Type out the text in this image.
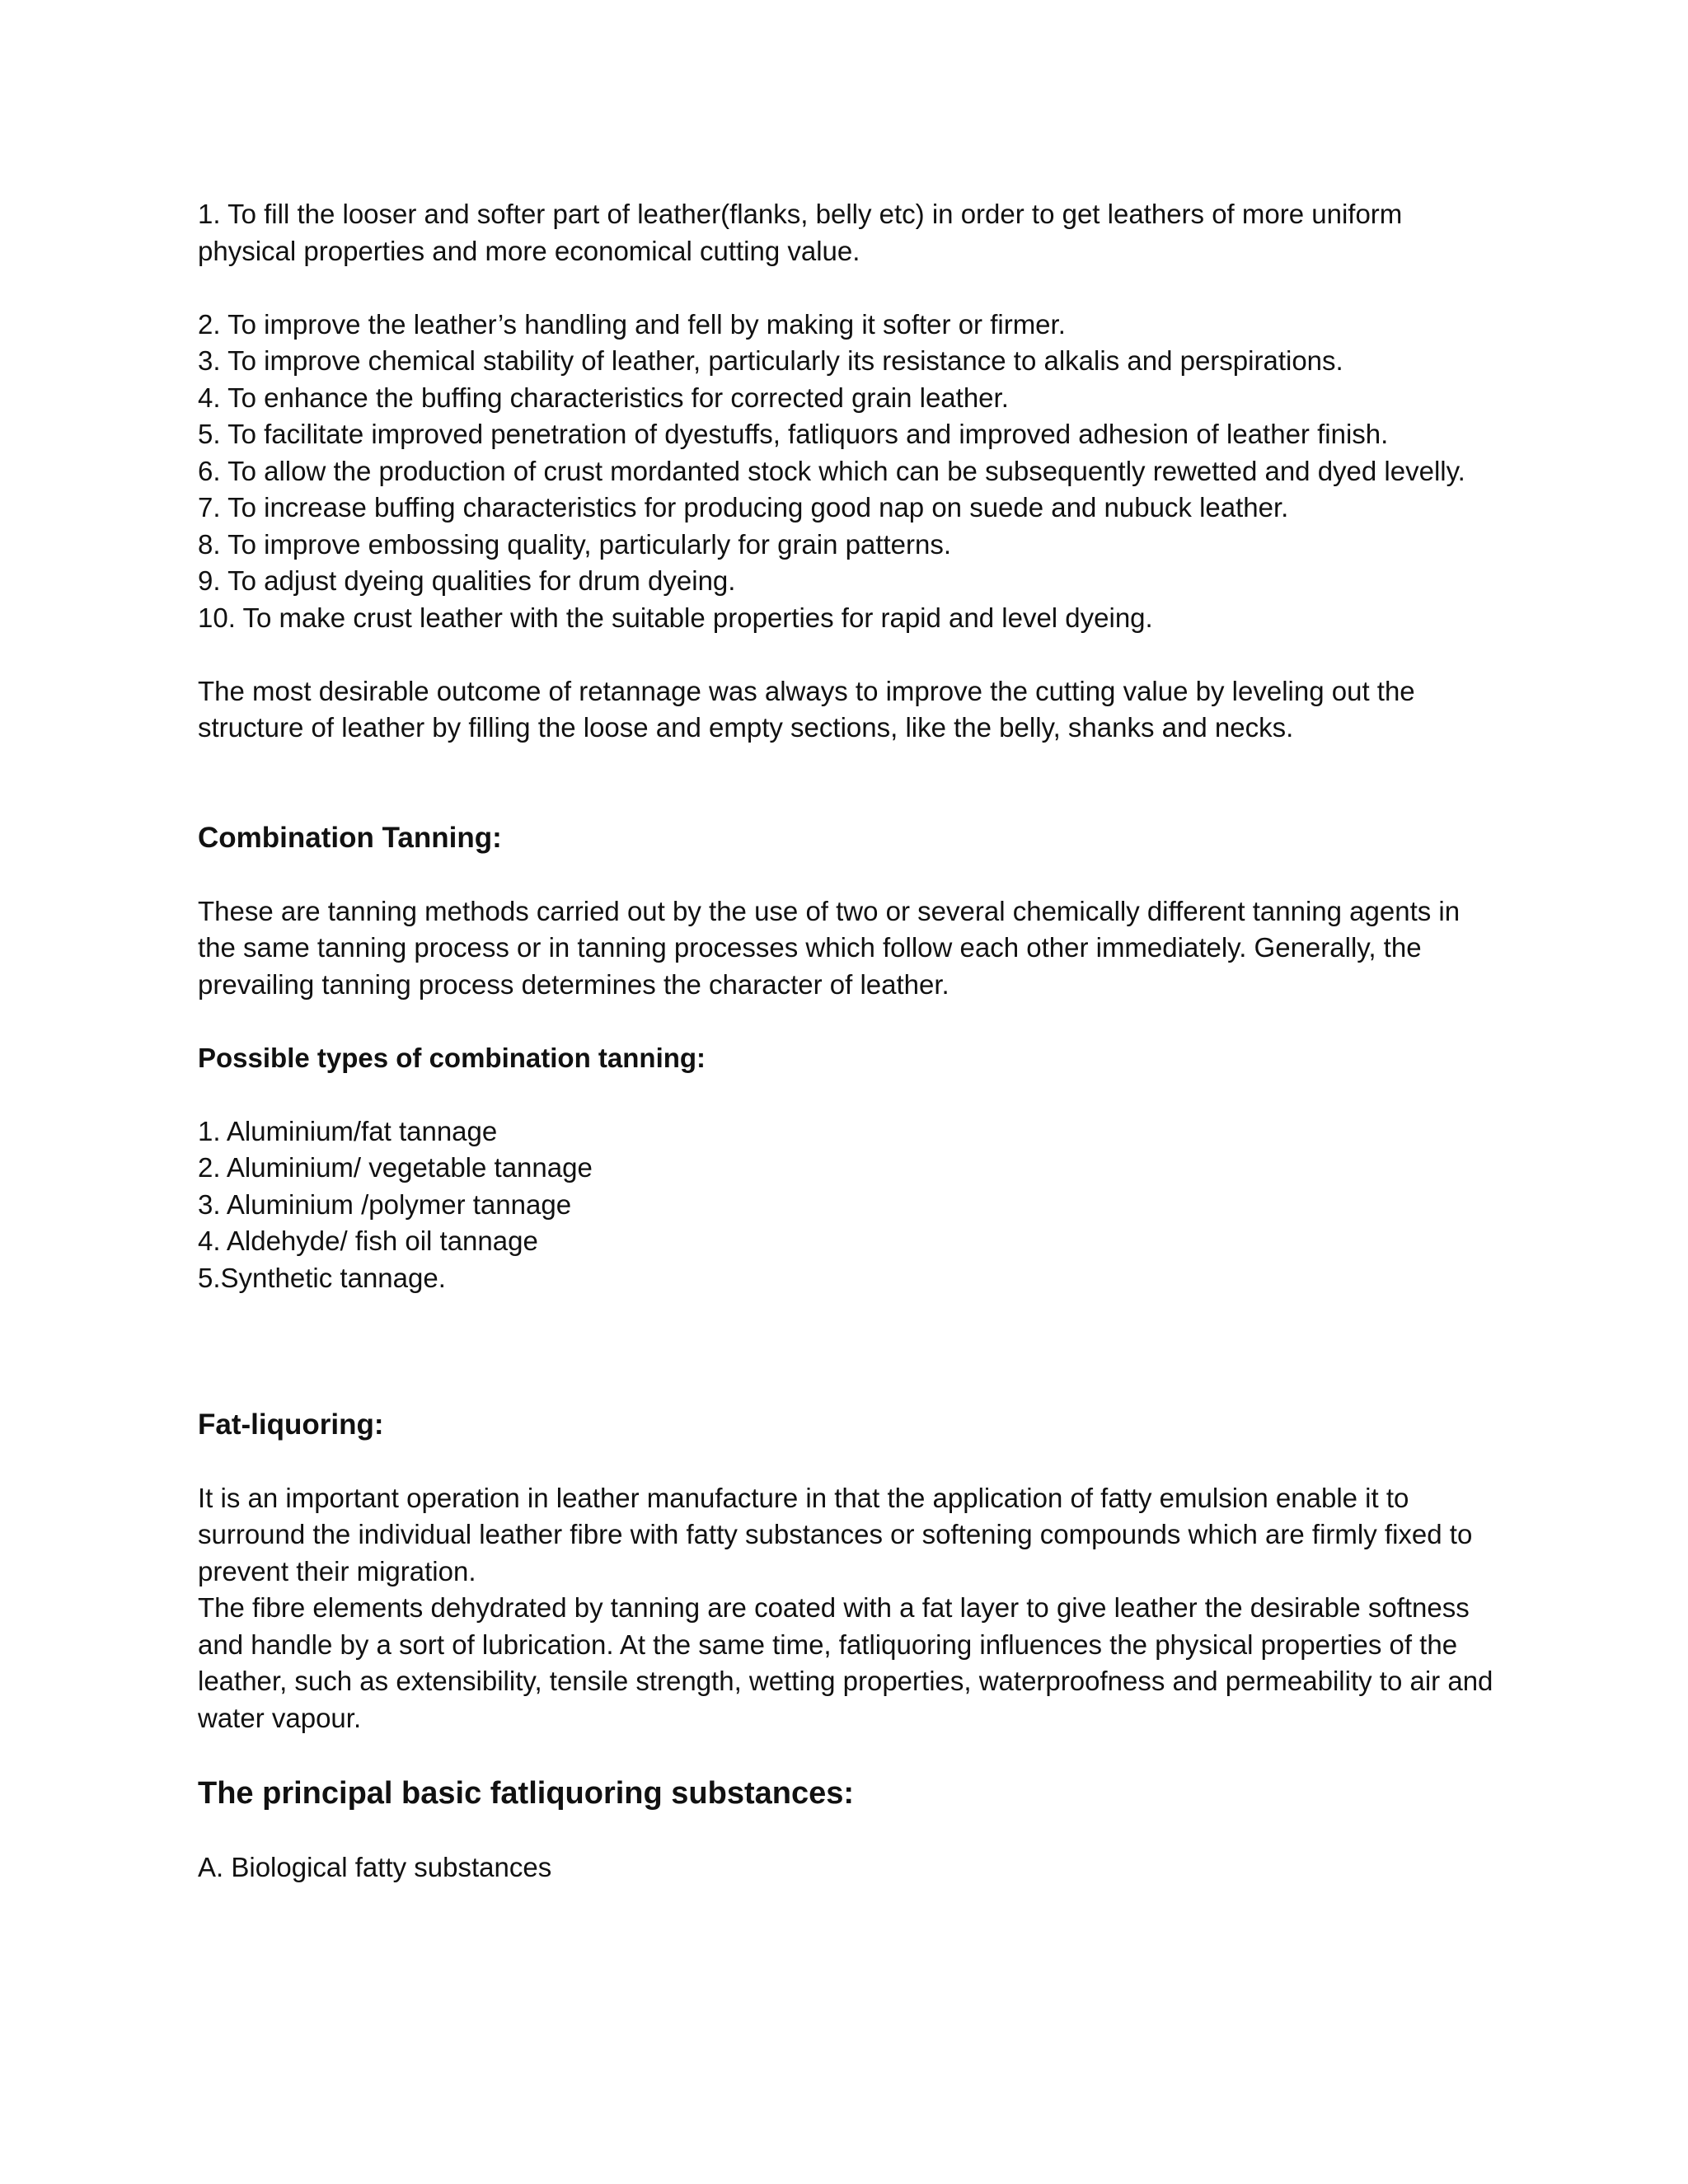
1. To fill the looser and softer part of leather(flanks, belly etc) in order to get leathers of more uniform physical properties and more economical cutting value.

2. To improve the leather’s handling and fell by making it softer or firmer.

3. To improve chemical stability of leather, particularly its resistance to alkalis and perspirations.

4. To enhance the buffing characteristics for corrected grain leather.

5. To facilitate improved penetration of dyestuffs, fatliquors and improved adhesion of leather finish.

6. To allow the production of crust mordanted stock which can be subsequently rewetted and dyed levelly.

7. To increase buffing characteristics for producing good nap on suede and nubuck leather.

8. To improve embossing quality, particularly for grain patterns.

9. To adjust dyeing qualities for drum dyeing.

10. To make crust leather with the suitable properties for rapid and level dyeing.

The most desirable outcome of retannage was always to improve the cutting value by leveling out the structure of leather by filling the loose and empty sections, like the belly, shanks and necks.

Combination Tanning:

These are tanning methods carried out by the use of two or several chemically different tanning agents in the same tanning process or in tanning processes which follow each other immediately. Generally, the prevailing tanning process determines the character of leather.

Possible types of combination tanning:

1. Aluminium/fat tannage

2. Aluminium/ vegetable tannage

3. Aluminium /polymer tannage

4. Aldehyde/ fish oil tannage

5.Synthetic tannage.

Fat-liquoring:

It is an important operation in leather manufacture in that the application of fatty emulsion enable it to surround the individual leather fibre with fatty substances or softening compounds which are firmly fixed to prevent their migration.

The fibre elements dehydrated by tanning are coated with a fat layer to give leather the desirable softness and handle by a sort of lubrication. At the same time, fatliquoring influences the physical properties of the leather, such as extensibility, tensile strength, wetting properties, waterproofness and permeability to air and water vapour.

The principal basic fatliquoring substances:

A. Biological fatty substances
